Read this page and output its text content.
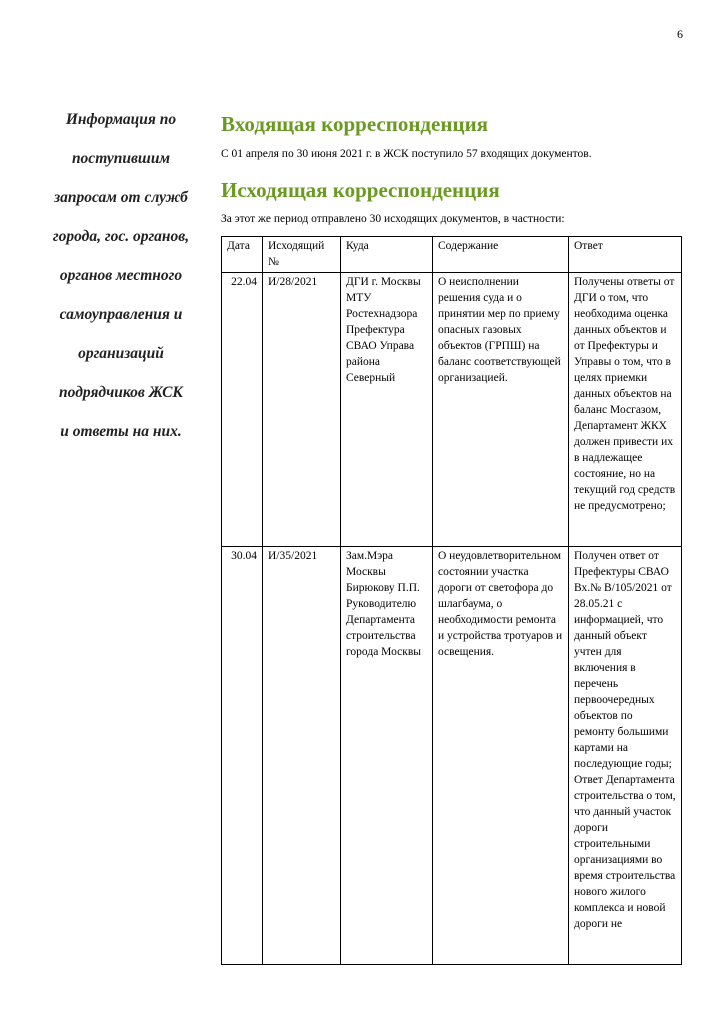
6
Информация по
поступившим
запросам от служб
города, гос. органов,
органов местного
самоуправления и
организаций
подрядчиков ЖСК
и ответы на них.
Входящая корреспонденция

С 01 апреля по 30 июня 2021 г. в ЖСК поступило 57 входящих документов.

Исходящая корреспонденция

За этот же период отправлено 30 исходящих документов, в частности:

Дата	Исходящий №	Куда	Содержание	Ответ
22.04	И/28/2021	ДГИ г. Москвы МТУ Ростехнадзора Префектура СВАО Управа района Северный	О неисполнении решения суда и о принятии мер по приему опасных газовых объектов (ГРПШ) на баланс соответствующей организацией.	Получены ответы от ДГИ о том, что необходима оценка данных объектов и от Префектуры и Управы о том, что в целях приемки данных объектов на баланс Мосгазом, Департамент ЖКХ должен привести их в надлежащее состояние, но на текущий год средств не предусмотрено;
30.04	И/35/2021	Зам.Мэра Москвы Бирюкову П.П. Руководителю Департамента строительства города Москвы	О неудовлетворительном состоянии участка дороги от светофора до шлагбаума, о необходимости ремонта и устройства тротуаров и освещения.	Получен ответ от Префектуры СВАО Вх.№ В/105/2021 от 28.05.21 с информацией, что данный объект учтен для включения в перечень первоочередных объектов по ремонту большими картами на последующие годы; Ответ Департамента строительства о том, что данный участок дороги строительными организациями во время строительства нового жилого комплекса и новой дороги не
